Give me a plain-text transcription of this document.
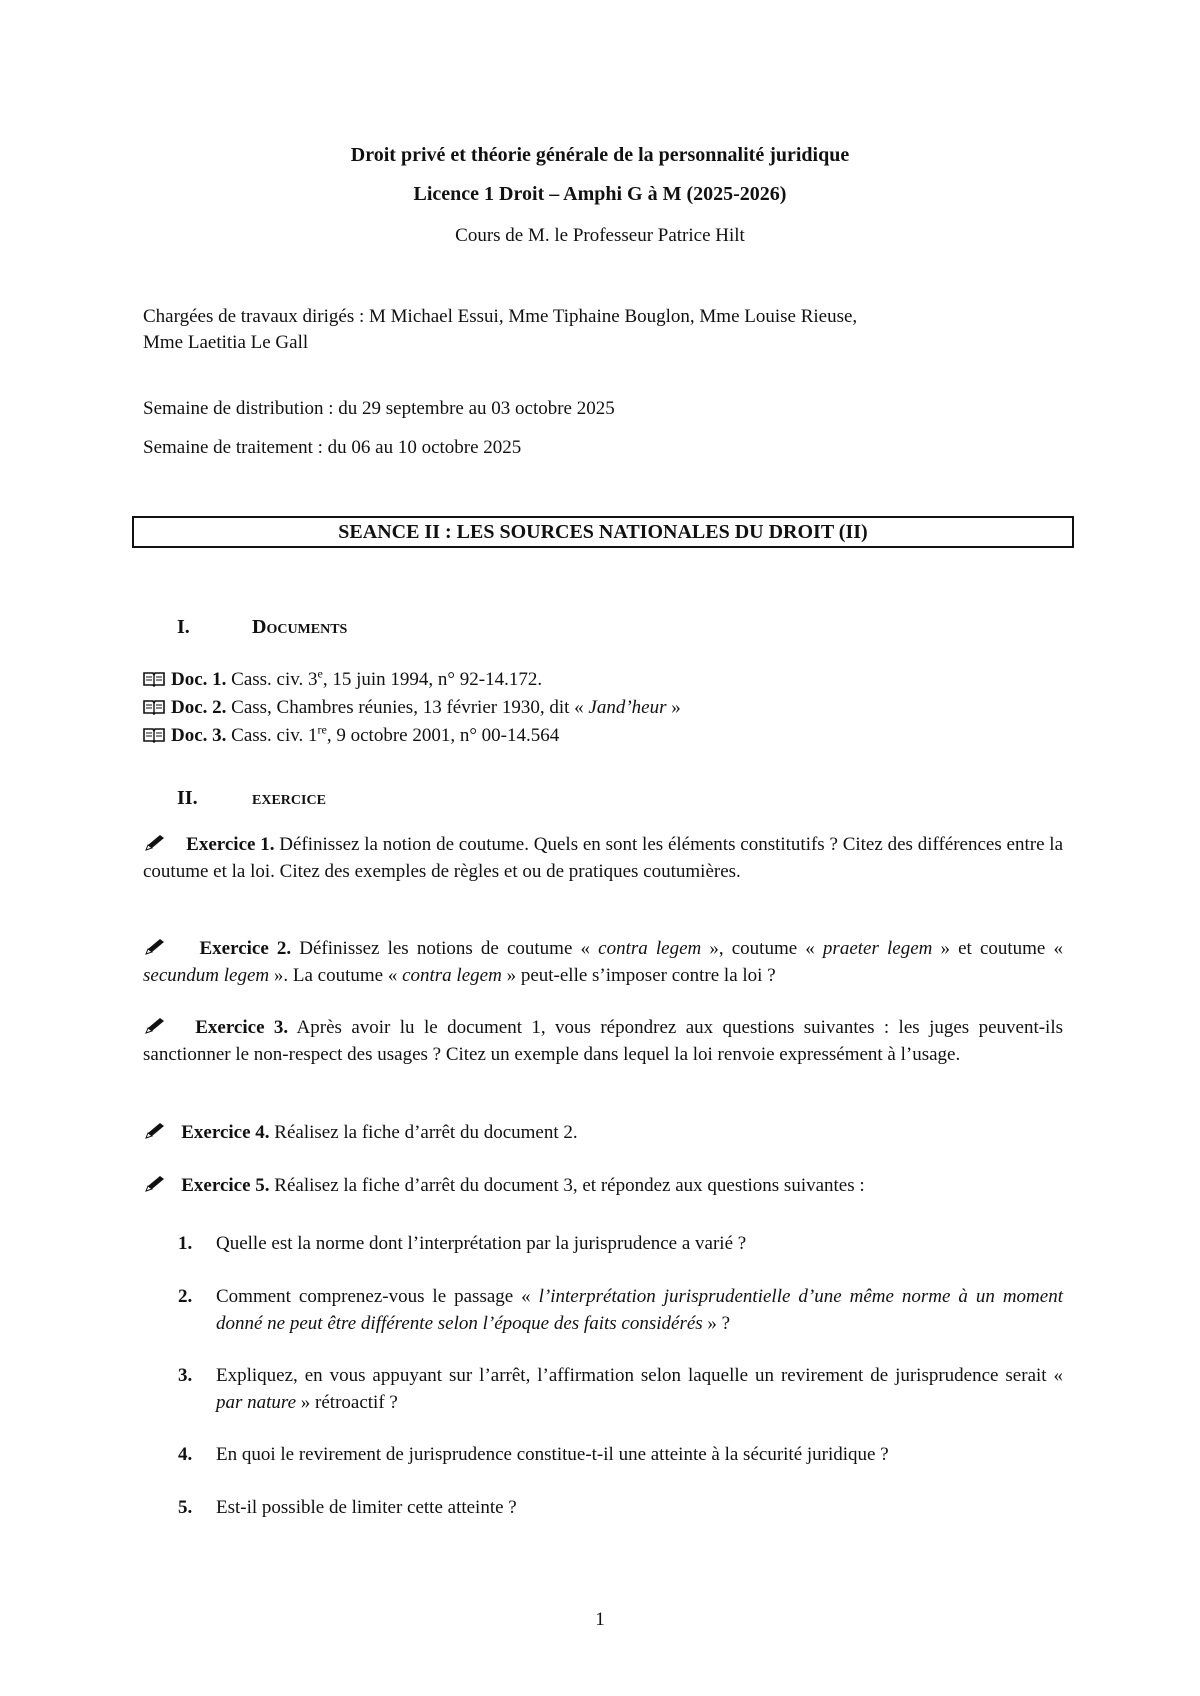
Droit privé et théorie générale de la personnalité juridique
Licence 1 Droit – Amphi G à M (2025-2026)
Cours de M. le Professeur Patrice Hilt
Chargées de travaux dirigés : M Michael Essui, Mme Tiphaine Bouglon, Mme Louise Rieuse,
Mme Laetitia Le Gall
Semaine de distribution : du 29 septembre au 03 octobre 2025
Semaine de traitement : du 06 au 10 octobre 2025
SEANCE II : LES SOURCES NATIONALES DU DROIT (II)
I.	Documents
Doc. 1. Cass. civ. 3e, 15 juin 1994, n° 92-14.172.
Doc. 2. Cass, Chambres réunies, 13 février 1930, dit « Jand’heur »
Doc. 3. Cass. civ. 1re, 9 octobre 2001, n° 00-14.564
II.	exercice
Exercice 1. Définissez la notion de coutume. Quels en sont les éléments constitutifs ? Citez des différences entre la coutume et la loi. Citez des exemples de règles et ou de pratiques coutumières.
Exercice 2. Définissez les notions de coutume « contra legem », coutume « praeter legem » et coutume « secundum legem ». La coutume « contra legem » peut-elle s’imposer contre la loi ?
Exercice 3. Après avoir lu le document 1, vous répondrez aux questions suivantes : les juges peuvent-ils sanctionner le non-respect des usages ? Citez un exemple dans lequel la loi renvoie expressément à l’usage.
Exercice 4. Réalisez la fiche d’arrêt du document 2.
Exercice 5. Réalisez la fiche d’arrêt du document 3, et répondez aux questions suivantes :
1. Quelle est la norme dont l’interprétation par la jurisprudence a varié ?
2. Comment comprenez-vous le passage « l’interprétation jurisprudentielle d’une même norme à un moment donné ne peut être différente selon l’époque des faits considérés » ?
3. Expliquez, en vous appuyant sur l’arrêt, l’affirmation selon laquelle un revirement de jurisprudence serait « par nature » rétroactif ?
4. En quoi le revirement de jurisprudence constitue-t-il une atteinte à la sécurité juridique ?
5. Est-il possible de limiter cette atteinte ?
1
